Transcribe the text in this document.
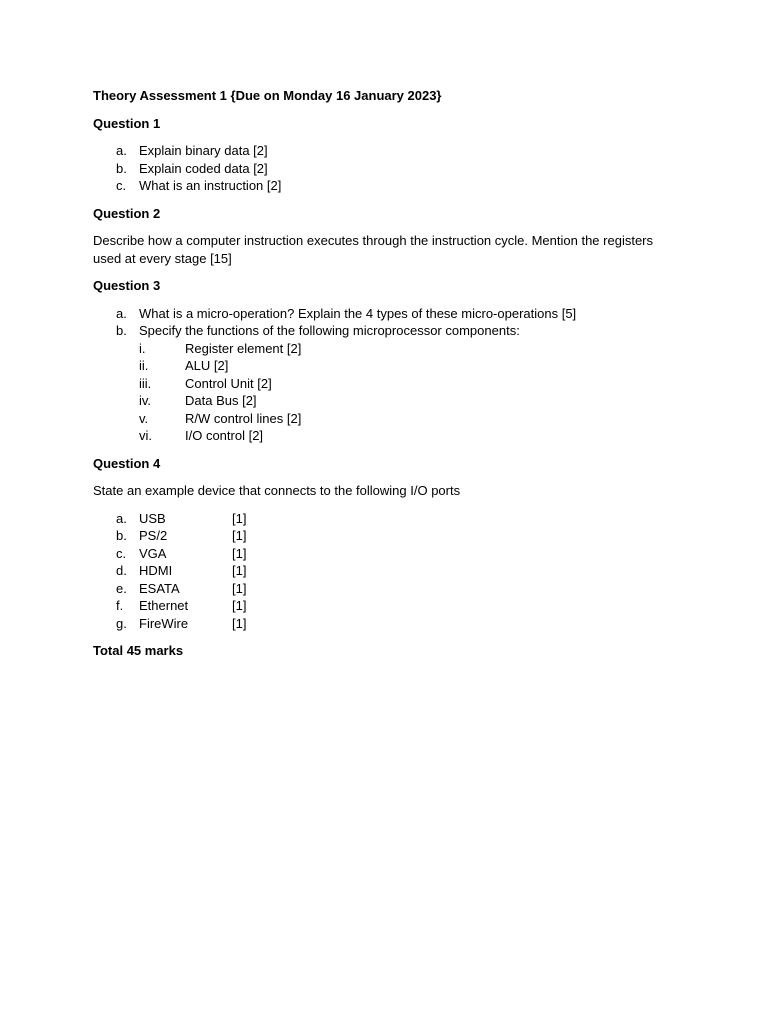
Theory Assessment 1 {Due on Monday 16 January 2023}
Question 1
a. Explain binary data [2]
b. Explain coded data [2]
c. What is an instruction [2]
Question 2
Describe how a computer instruction executes through the instruction cycle. Mention the registers used at every stage [15]
Question 3
a. What is a micro-operation? Explain the 4 types of these micro-operations [5]
b. Specify the functions of the following microprocessor components:
i.	Register element [2]
ii.	ALU [2]
iii.	Control Unit [2]
iv.	Data Bus [2]
v.	R/W control lines [2]
vi.	I/O control [2]
Question 4
State an example device that connects to the following I/O ports
a. USB	[1]
b. PS/2	[1]
c. VGA	[1]
d. HDMI	[1]
e. ESATA	[1]
f. Ethernet	[1]
g. FireWire	[1]
Total 45 marks
